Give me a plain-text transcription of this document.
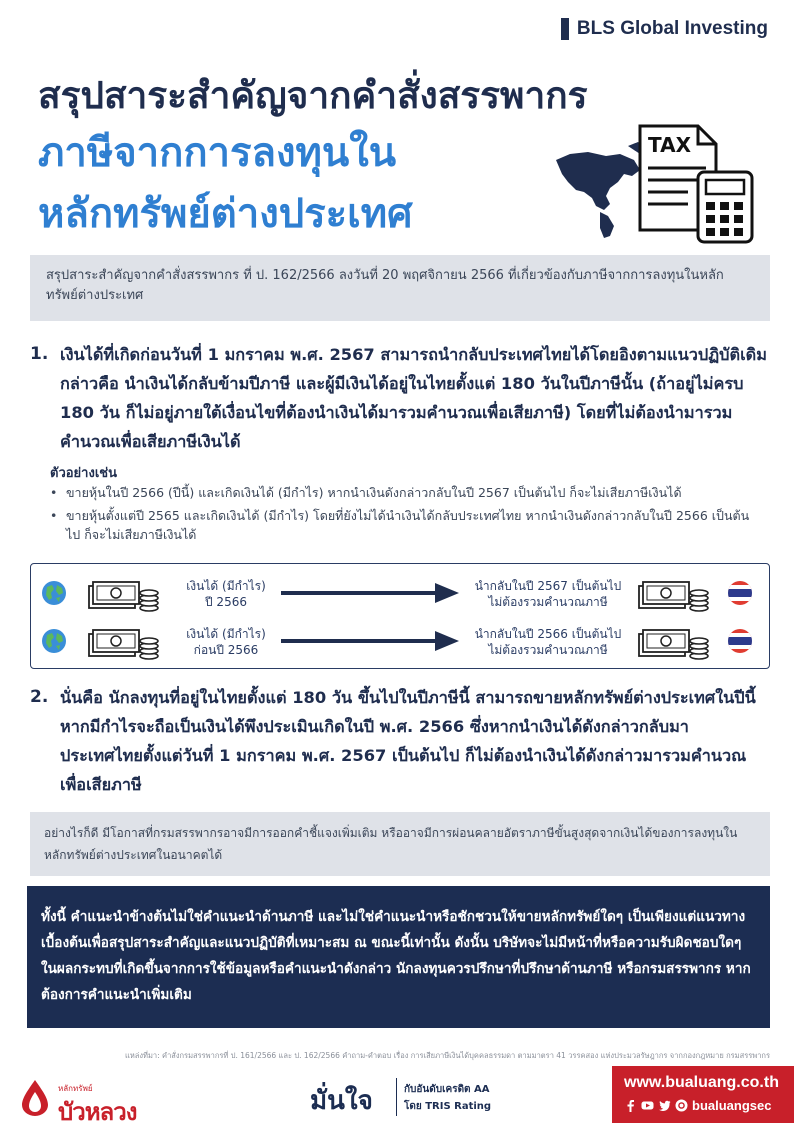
BLS Global Investing
สรุปสาระสำคัญจากคำสั่งสรรพากร
ภาษีจากการลงทุนใน
หลักทรัพย์ต่างประเทศ
TAX
สรุปสาระสำคัญจากคำสั่งสรรพากร ที่ ป. 162/2566 ลงวันที่ 20 พฤศจิกายน 2566 ที่เกี่ยวข้องกับภาษีจากการลงทุนในหลักทรัพย์ต่างประเทศ
1. เงินได้ที่เกิดก่อนวันที่ 1 มกราคม พ.ศ. 2567 สามารถนำกลับประเทศไทยได้โดยอิงตามแนวปฏิบัติเดิม กล่าวคือ นำเงินได้กลับข้ามปีภาษี และผู้มีเงินได้อยู่ในไทยตั้งแต่ 180 วันในปีภาษีนั้น (ถ้าอยู่ไม่ครบ 180 วัน ก็ไม่อยู่ภายใต้เงื่อนไขที่ต้องนำเงินได้มารวมคำนวณเพื่อเสียภาษี) โดยที่ไม่ต้องนำมารวมคำนวณเพื่อเสียภาษีเงินได้
ตัวอย่างเช่น
• ขายหุ้นในปี 2566 (ปีนี้) และเกิดเงินได้ (มีกำไร) หากนำเงินดังกล่าวกลับในปี 2567 เป็นต้นไป ก็จะไม่เสียภาษีเงินได้
• ขายหุ้นตั้งแต่ปี 2565 และเกิดเงินได้ (มีกำไร) โดยที่ยังไม่ได้นำเงินได้กลับประเทศไทย หากนำเงินดังกล่าวกลับในปี 2566 เป็นต้นไป ก็จะไม่เสียภาษีเงินได้
เงินได้ (มีกำไร)
ปี 2566
นำกลับในปี 2567 เป็นต้นไป
ไม่ต้องรวมคำนวณภาษี
เงินได้ (มีกำไร)
ก่อนปี 2566
นำกลับในปี 2566 เป็นต้นไป
ไม่ต้องรวมคำนวณภาษี
2. นั่นคือ นักลงทุนที่อยู่ในไทยตั้งแต่ 180 วัน ขึ้นไปในปีภาษีนี้ สามารถขายหลักทรัพย์ต่างประเทศในปีนี้ หากมีกำไรจะถือเป็นเงินได้พึงประเมินเกิดในปี พ.ศ. 2566 ซึ่งหากนำเงินได้ดังกล่าวกลับมาประเทศไทยตั้งแต่วันที่ 1 มกราคม พ.ศ. 2567 เป็นต้นไป ก็ไม่ต้องนำเงินได้ดังกล่าวมารวมคำนวณเพื่อเสียภาษี
อย่างไรก็ดี มีโอกาสที่กรมสรรพากรอาจมีการออกคำชี้แจงเพิ่มเติม หรืออาจมีการผ่อนคลายอัตราภาษีขั้นสูงสุดจากเงินได้ของการลงทุนในหลักทรัพย์ต่างประเทศในอนาคตได้
ทั้งนี้ คำแนะนำข้างต้นไม่ใช่คำแนะนำด้านภาษี และไม่ใช่คำแนะนำหรือชักชวนให้ขายหลักทรัพย์ใดๆ เป็นเพียงแต่แนวทางเบื้องต้นเพื่อสรุปสาระสำคัญและแนวปฏิบัติที่เหมาะสม ณ ขณะนี้เท่านั้น ดังนั้น บริษัทจะไม่มีหน้าที่หรือความรับผิดชอบใดๆ ในผลกระทบที่เกิดขึ้นจากการใช้ข้อมูลหรือคำแนะนำดังกล่าว นักลงทุนควรปรึกษาที่ปรึกษาด้านภาษี หรือกรมสรรพากร หากต้องการคำแนะนำเพิ่มเติม
แหล่งที่มา: คำสั่งกรมสรรพากรที่ ป. 161/2566 และ ป. 162/2566 คำถาม-คำตอบ เรื่อง การเสียภาษีเงินได้บุคคลธรรมดา ตามมาตรา 41 วรรคสอง แห่งประมวลรัษฎากร จากกองกฎหมาย กรมสรรพากร
หลักทรัพย์
บัวหลวง	มั่นใจ	กับอันดับเครดิต AA
โดย TRIS Rating
www.bualuang.co.th
bualuangsec
